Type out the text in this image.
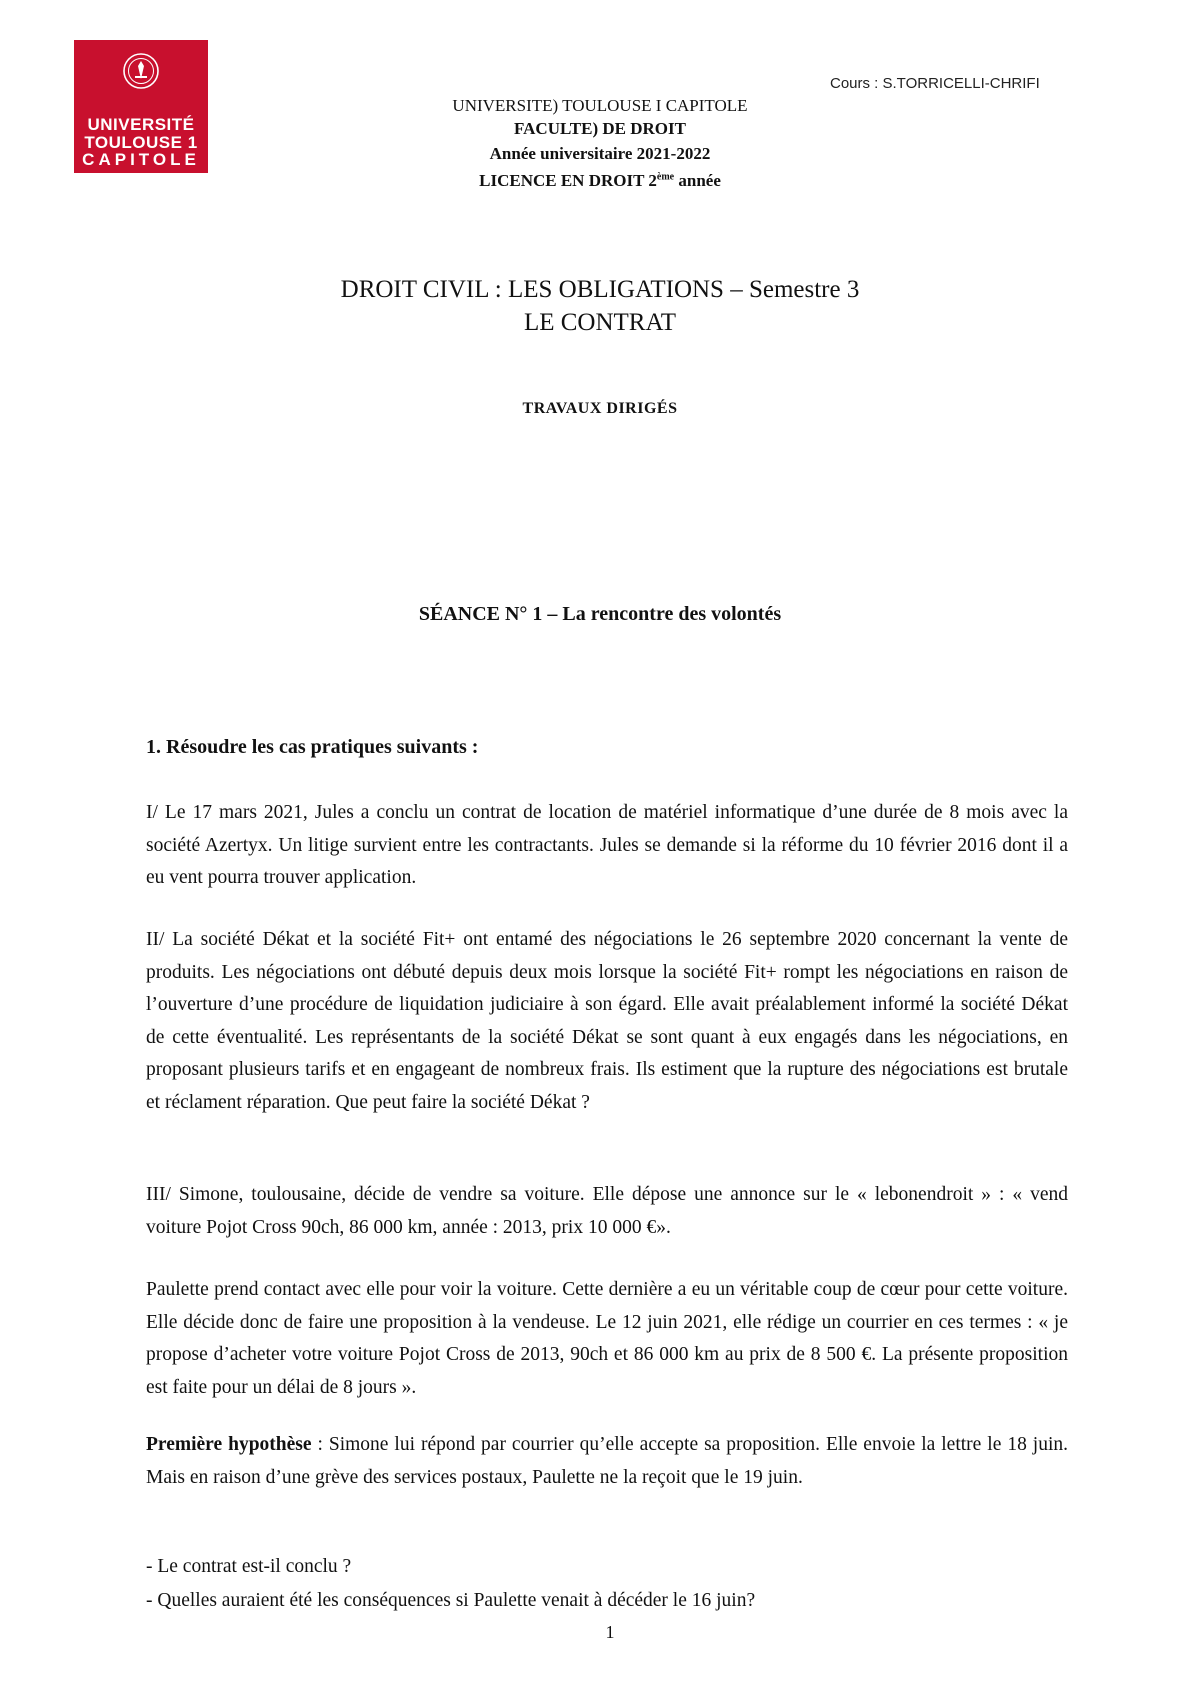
UNIVERSITÉ
TOULOUSE 1
CAPITOLE
Cours : S.TORRICELLI-CHRIFI
UNIVERSITE) TOULOUSE I CAPITOLE
FACULTE) DE DROIT
Année universitaire 2021-2022
LICENCE EN DROIT 2ème année
DROIT CIVIL : LES OBLIGATIONS – Semestre 3
LE CONTRAT
TRAVAUX DIRIGÉS
SÉANCE N° 1 – La rencontre des volontés
1. Résoudre les cas pratiques suivants :
I/ Le 17 mars 2021, Jules a conclu un contrat de location de matériel informatique d’une durée de 8 mois avec la société Azertyx. Un litige survient entre les contractants. Jules se demande si la réforme du 10 février 2016 dont il a eu vent pourra trouver application.
II/ La société Dékat et la société Fit+ ont entamé des négociations le 26 septembre 2020 concernant la vente de produits. Les négociations ont débuté depuis deux mois lorsque la société Fit+ rompt les négociations en raison de l’ouverture d’une procédure de liquidation judiciaire à son égard. Elle avait préalablement informé la société Dékat de cette éventualité. Les représentants de la société Dékat se sont quant à eux engagés dans les négociations, en proposant plusieurs tarifs et en engageant de nombreux frais. Ils estiment que la rupture des négociations est brutale et réclament réparation. Que peut faire la société Dékat ?
III/ Simone, toulousaine, décide de vendre sa voiture. Elle dépose une annonce sur le « lebonendroit » : « vend voiture Pojot Cross 90ch, 86 000 km, année : 2013, prix 10 000 €».
Paulette prend contact avec elle pour voir la voiture. Cette dernière a eu un véritable coup de cœur pour cette voiture. Elle décide donc de faire une proposition à la vendeuse. Le 12 juin 2021, elle rédige un courrier en ces termes : « je propose d’acheter votre voiture Pojot Cross de 2013, 90ch et 86 000 km au prix de 8 500 €. La présente proposition est faite pour un délai de 8 jours ».
Première hypothèse : Simone lui répond par courrier qu’elle accepte sa proposition. Elle envoie la lettre le 18 juin. Mais en raison d’une grève des services postaux, Paulette ne la reçoit que le 19 juin.
- Le contrat est-il conclu ?
- Quelles auraient été les conséquences si Paulette venait à décéder le 16 juin?
1
